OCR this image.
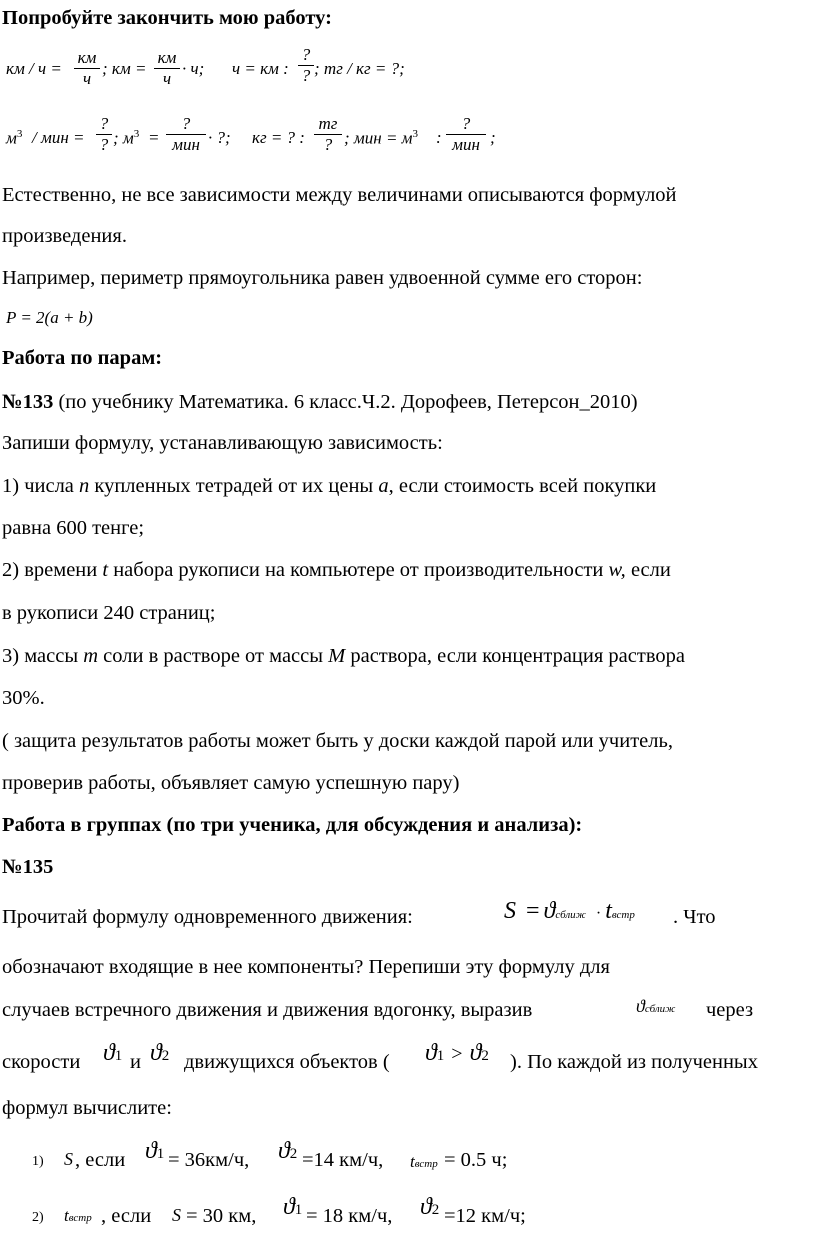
Попробуйте закончить мою работу:
км / ч =
км
ч
; км =
км
ч
· ч; ч = км :
?
? ; тг / кг = ?;
$м^3$ / мин =
?
? ; $м^3$ =
?
мин · ?; кг = ? :
тг
? ; мин = $м^3$ :
?
мин ;
Естественно, не все зависимости между величинами описываются формулой
произведения.
Например, периметр прямоугольника равен удвоенной сумме его сторон:
P = 2(a + b)
Работа по парам:
№133 (по учебнику Математика. 6 класс.Ч.2. Дорофеев, Петерсон_2010)
Запиши формулу, устанавливающую зависимость:
1) числа n купленных тетрадей от их цены a, если стоимость всей покупки
равна 600 тенге;
2) времени t набора рукописи на компьютере от производительности w, если
в рукописи 240 страниц;
3) массы m соли в растворе от массы M раствора, если концентрация раствора
30%.
( защита результатов работы может быть у доски каждой парой или учитель,
проверив работы, объявляет самую успешную пару)
Работа в группах (по три ученика, для обсуждения и анализа):
№135
Прочитай формулу одновременного движения:	S = ϑсближ · tвстр . Что
обозначают входящие в нее компоненты? Перепиши эту формулу для
случаев встречного движения и движения вдогонку, выразив	ϑсближ через
скорости ϑ1 и ϑ2 движущихся объектов ( ϑ1 > ϑ2 ). По каждой из полученных
формул вычислите:
1) S , если ϑ1 = 36км/ч, ϑ2 =14 км/ч, tвстр = 0.5 ч;
2) tвстр , если S = 30 км, ϑ1 = 18 км/ч, ϑ2 =12 км/ч;
